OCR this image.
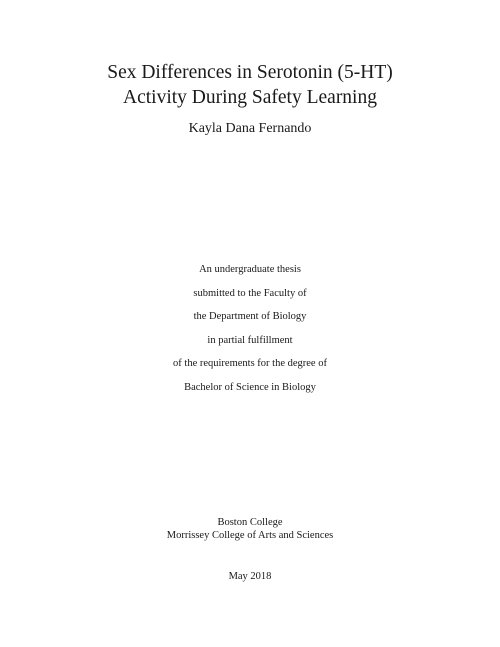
Sex Differences in Serotonin (5-HT)
Activity During Safety Learning
Kayla Dana Fernando
An undergraduate thesis
submitted to the Faculty of
the Department of Biology
in partial fulfillment
of the requirements for the degree of
Bachelor of Science in Biology
Boston College
Morrissey College of Arts and Sciences
May 2018
